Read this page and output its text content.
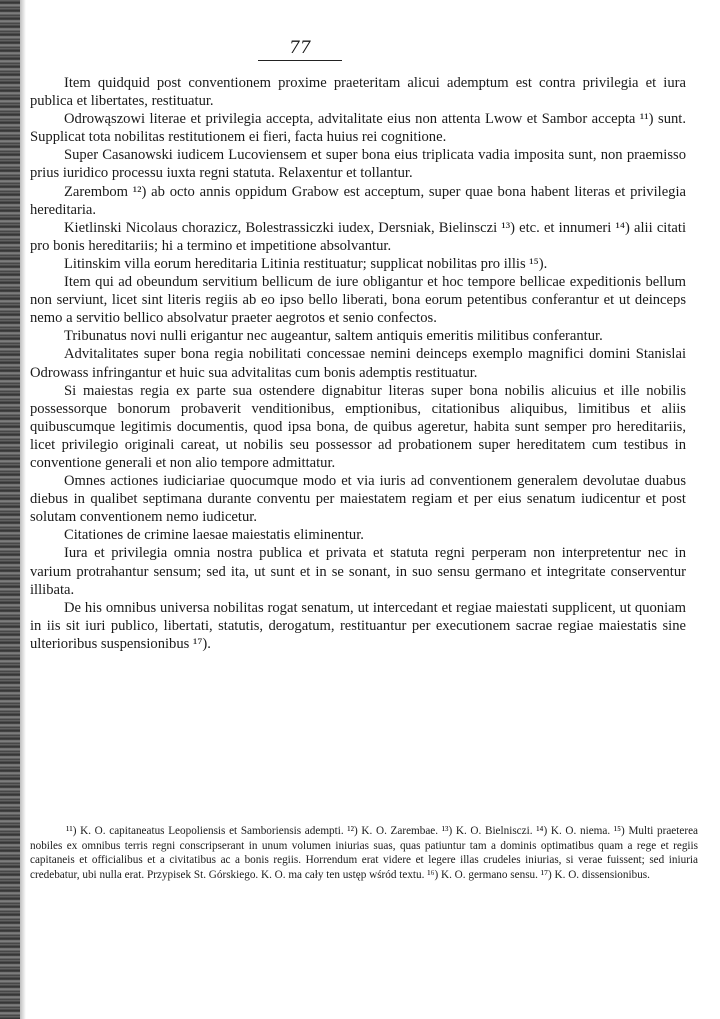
77

Item quidquid post conventionem proxime praeteritam alicui ademptum est contra privilegia et iura publica et libertates, restituatur.

Odrowąszowi literae et privilegia accepta, advitalitate eius non attenta Lwow et Sambor accepta ¹¹) sunt. Supplicat tota nobilitas restitutionem ei fieri, facta huius rei cognitione.

Super Casanowski iudicem Lucoviensem et super bona eius triplicata vadia imposita sunt, non praemisso prius iuridico processu iuxta regni statuta. Relaxentur et tollantur.

Zarembom ¹²) ab octo annis oppidum Grabow est acceptum, super quae bona habent literas et privilegia hereditaria.

Kietlinski Nicolaus chorazicz, Bolestrassiczki iudex, Dersniak, Bielinsczi ¹³) etc. et innumeri ¹⁴) alii citati pro bonis hereditariis; hi a termino et impetitione absolvantur.

Litinskim villa eorum hereditaria Litinia restituatur; supplicat nobilitas pro illis ¹⁵).

Item qui ad obeundum servitium bellicum de iure obligantur et hoc tempore bellicae expeditionis bellum non serviunt, licet sint literis regiis ab eo ipso bello liberati, bona eorum petentibus conferantur et ut deinceps nemo a servitio bellico absolvatur praeter aegrotos et senio confectos.

Tribunatus novi nulli erigantur nec augeantur, saltem antiquis emeritis militibus conferantur.

Advitalitates super bona regia nobilitati concessae nemini deinceps exemplo magnifici domini Stanislai Odrowass infringantur et huic sua advitalitas cum bonis ademptis restituatur.

Si maiestas regia ex parte sua ostendere dignabitur literas super bona nobilis alicuius et ille nobilis possessorque bonorum probaverit venditionibus, emptionibus, citationibus aliquibus, limitibus et aliis quibuscumque legitimis documentis, quod ipsa bona, de quibus ageretur, habita sunt semper pro hereditariis, licet privilegio originali careat, ut nobilis seu possessor ad probationem super hereditatem cum testibus in conventione generali et non alio tempore admittatur.

Omnes actiones iudiciariae quocumque modo et via iuris ad conventionem generalem devolutae duabus diebus in qualibet septimana durante conventu per maiestatem regiam et per eius senatum iudicentur et post solutam conventionem nemo iudicetur.

Citationes de crimine laesae maiestatis eliminentur.

Iura et privilegia omnia nostra publica et privata et statuta regni perperam non interpretentur nec in varium protrahantur sensum; sed ita, ut sunt et in se sonant, in suo sensu germano et integritate conserventur illibata.

De his omnibus universa nobilitas rogat senatum, ut intercedant et regiae maiestati supplicent, ut quoniam in iis sit iuri publico, libertati, statutis, derogatum, restituantur per executionem sacrae regiae maiestatis sine ulterioribus suspensionibus ¹⁷).

¹¹) K. O. capitaneatus Leopoliensis et Samboriensis adempti. ¹²) K. O. Zarembae. ¹³) K. O. Bielnisczi. ¹⁴) K. O. niema. ¹⁵) Multi praeterea nobiles ex omnibus terris regni conscripserant in unum volumen iniurias suas, quas patiuntur tam a dominis optimatibus quam a rege et regiis capitaneis et officialibus et a civitatibus ac a bonis regiis. Horrendum erat videre et legere illas crudeles iniurias, si verae fuissent; sed iniuria credebatur, ubi nulla erat. Przypisek St. Górskiego. K. O. ma cały ten ustęp wśród textu. ¹⁶) K. O. germano sensu. ¹⁷) K. O. dissensionibus.
